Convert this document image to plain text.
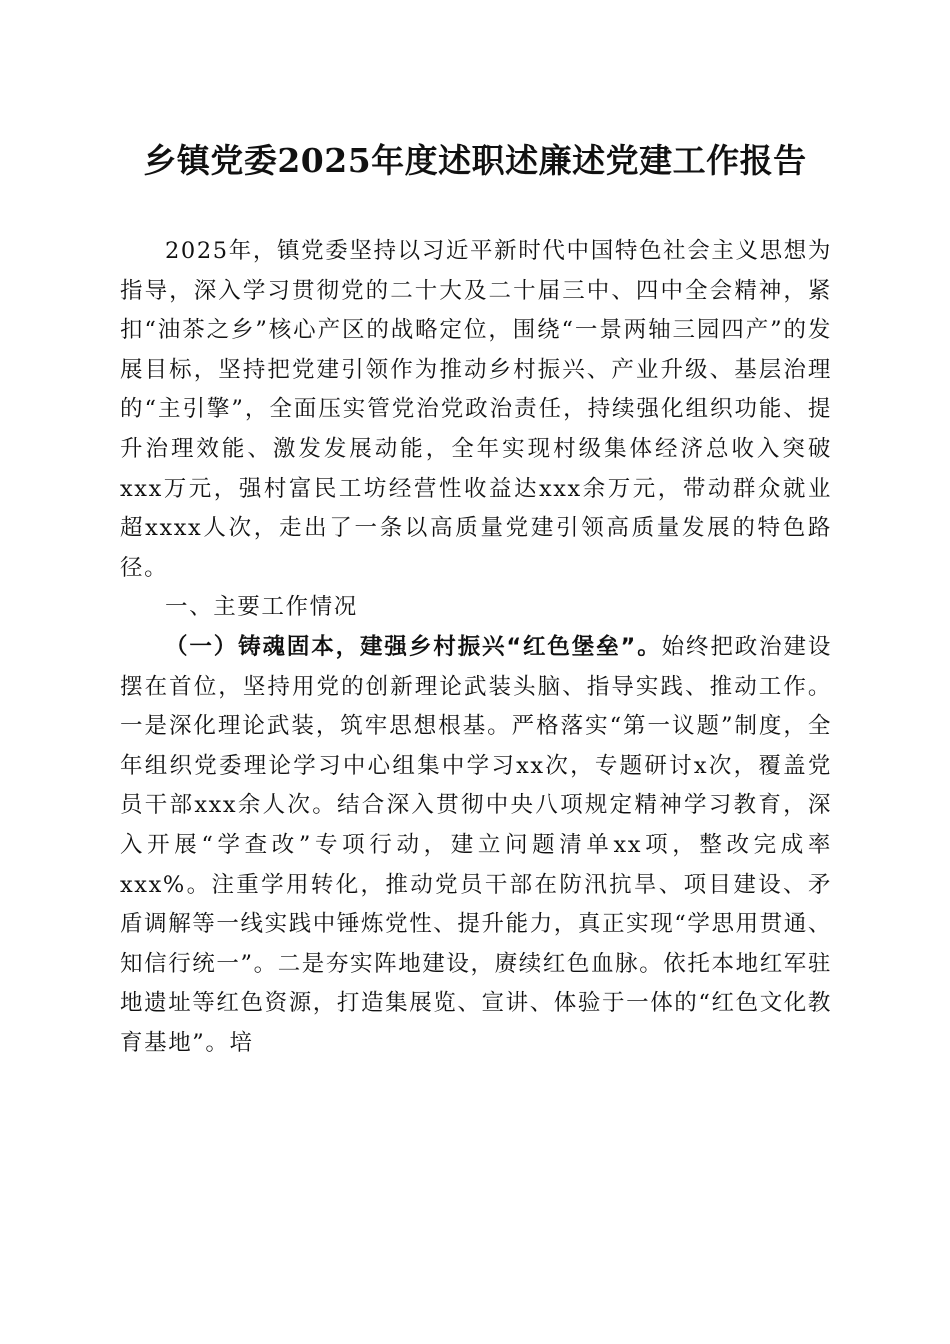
乡镇党委2025年度述职述廉述党建工作报告

2025年，镇党委坚持以习近平新时代中国特色社会主义思想为指导，深入学习贯彻党的二十大及二十届三中、四中全会精神，紧扣“油茶之乡”核心产区的战略定位，围绕“一景两轴三园四产”的发展目标，坚持把党建引领作为推动乡村振兴、产业升级、基层治理的“主引擎”，全面压实管党治党政治责任，持续强化组织功能、提升治理效能、激发发展动能，全年实现村级集体经济总收入突破xxx万元，强村富民工坊经营性收益达xxx余万元，带动群众就业超xxxx人次，走出了一条以高质量党建引领高质量发展的特色路径。

一、主要工作情况

（一）铸魂固本，建强乡村振兴“红色堡垒”。始终把政治建设摆在首位，坚持用党的创新理论武装头脑、指导实践、推动工作。一是深化理论武装，筑牢思想根基。严格落实“第一议题”制度，全年组织党委理论学习中心组集中学习xx次，专题研讨x次，覆盖党员干部xxx余人次。结合深入贯彻中央八项规定精神学习教育，深入开展“学查改”专项行动，建立问题清单xx项，整改完成率xxx%。注重学用转化，推动党员干部在防汛抗旱、项目建设、矛盾调解等一线实践中锤炼党性、提升能力，真正实现“学思用贯通、知信行统一”。二是夯实阵地建设，赓续红色血脉。依托本地红军驻地遗址等红色资源，打造集展览、宣讲、体验于一体的“红色文化教育基地”。培
